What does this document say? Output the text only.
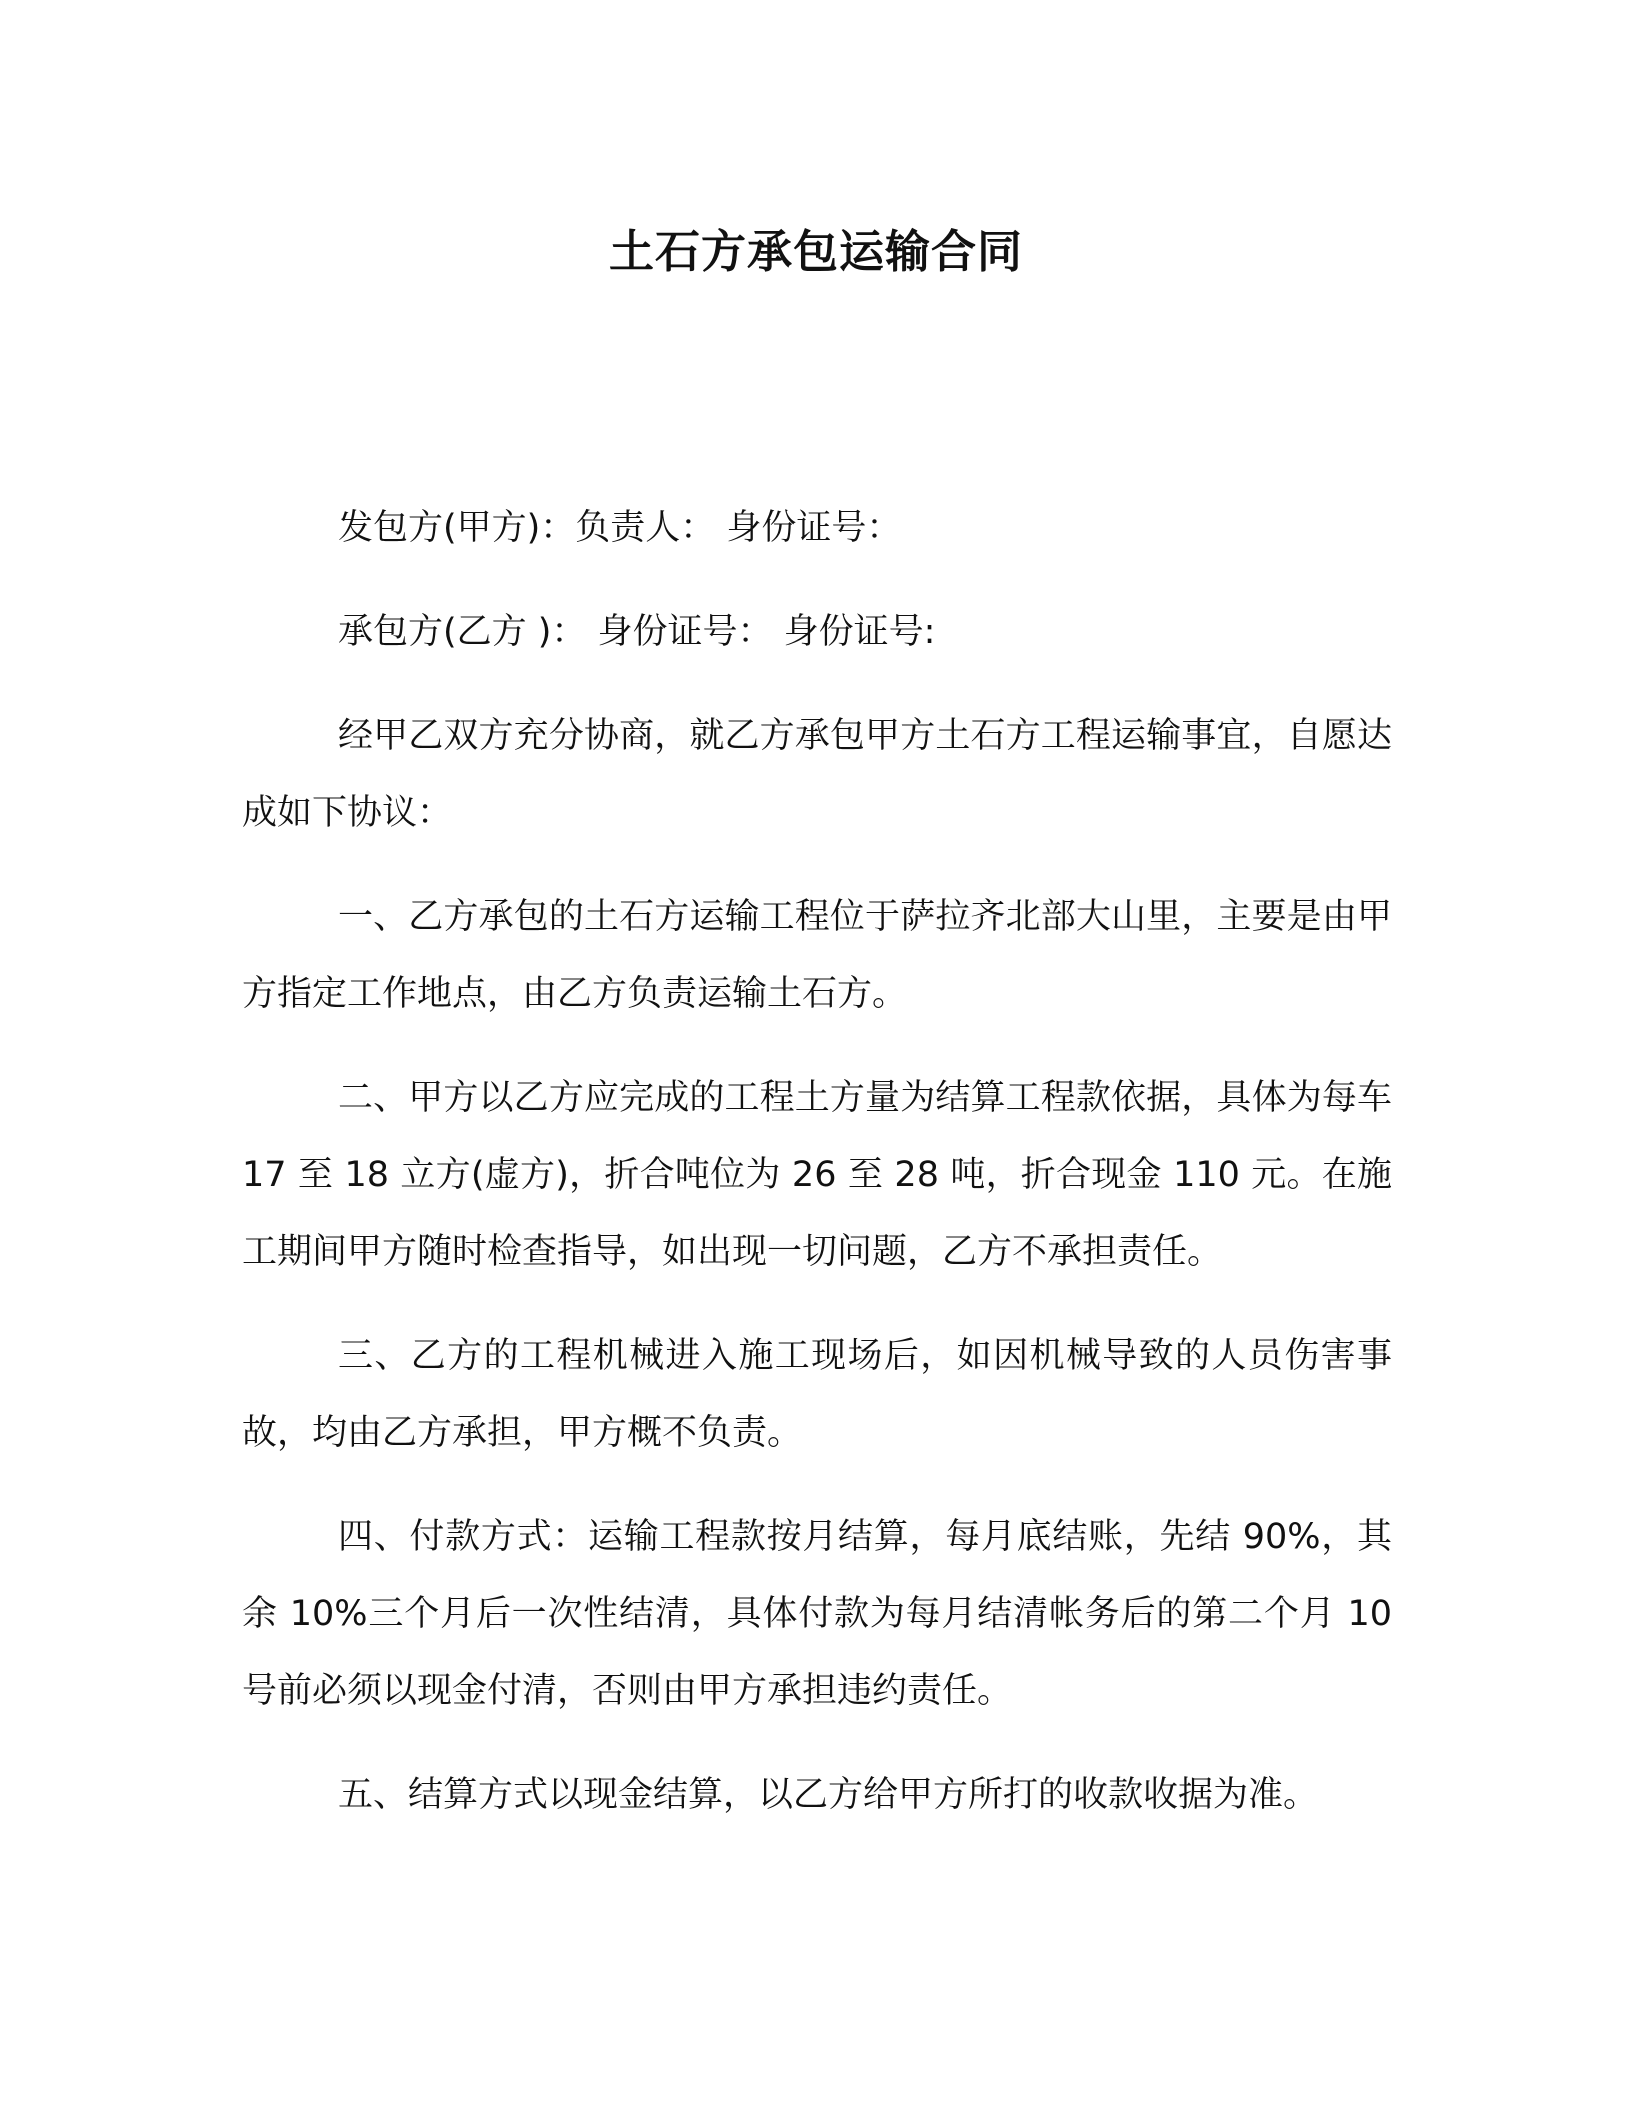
土石方承包运输合同

发包方(甲方)：负责人： 身份证号：

承包方(乙方 )： 身份证号： 身份证号:

经甲乙双方充分协商，就乙方承包甲方土石方工程运输事宜，自愿达成如下协议：

一、乙方承包的土石方运输工程位于萨拉齐北部大山里，主要是由甲方指定工作地点，由乙方负责运输土石方。

二、甲方以乙方应完成的工程土方量为结算工程款依据，具体为每车 17 至 18 立方(虚方)，折合吨位为 26 至 28 吨，折合现金 110 元。在施工期间甲方随时检查指导，如出现一切问题，乙方不承担责任。

三、乙方的工程机械进入施工现场后，如因机械导致的人员伤害事故，均由乙方承担，甲方概不负责。

四、付款方式：运输工程款按月结算，每月底结账，先结 90%，其余 10%三个月后一次性结清，具体付款为每月结清帐务后的第二个月 10 号前必须以现金付清，否则由甲方承担违约责任。

五、结算方式以现金结算，以乙方给甲方所打的收款收据为准。
